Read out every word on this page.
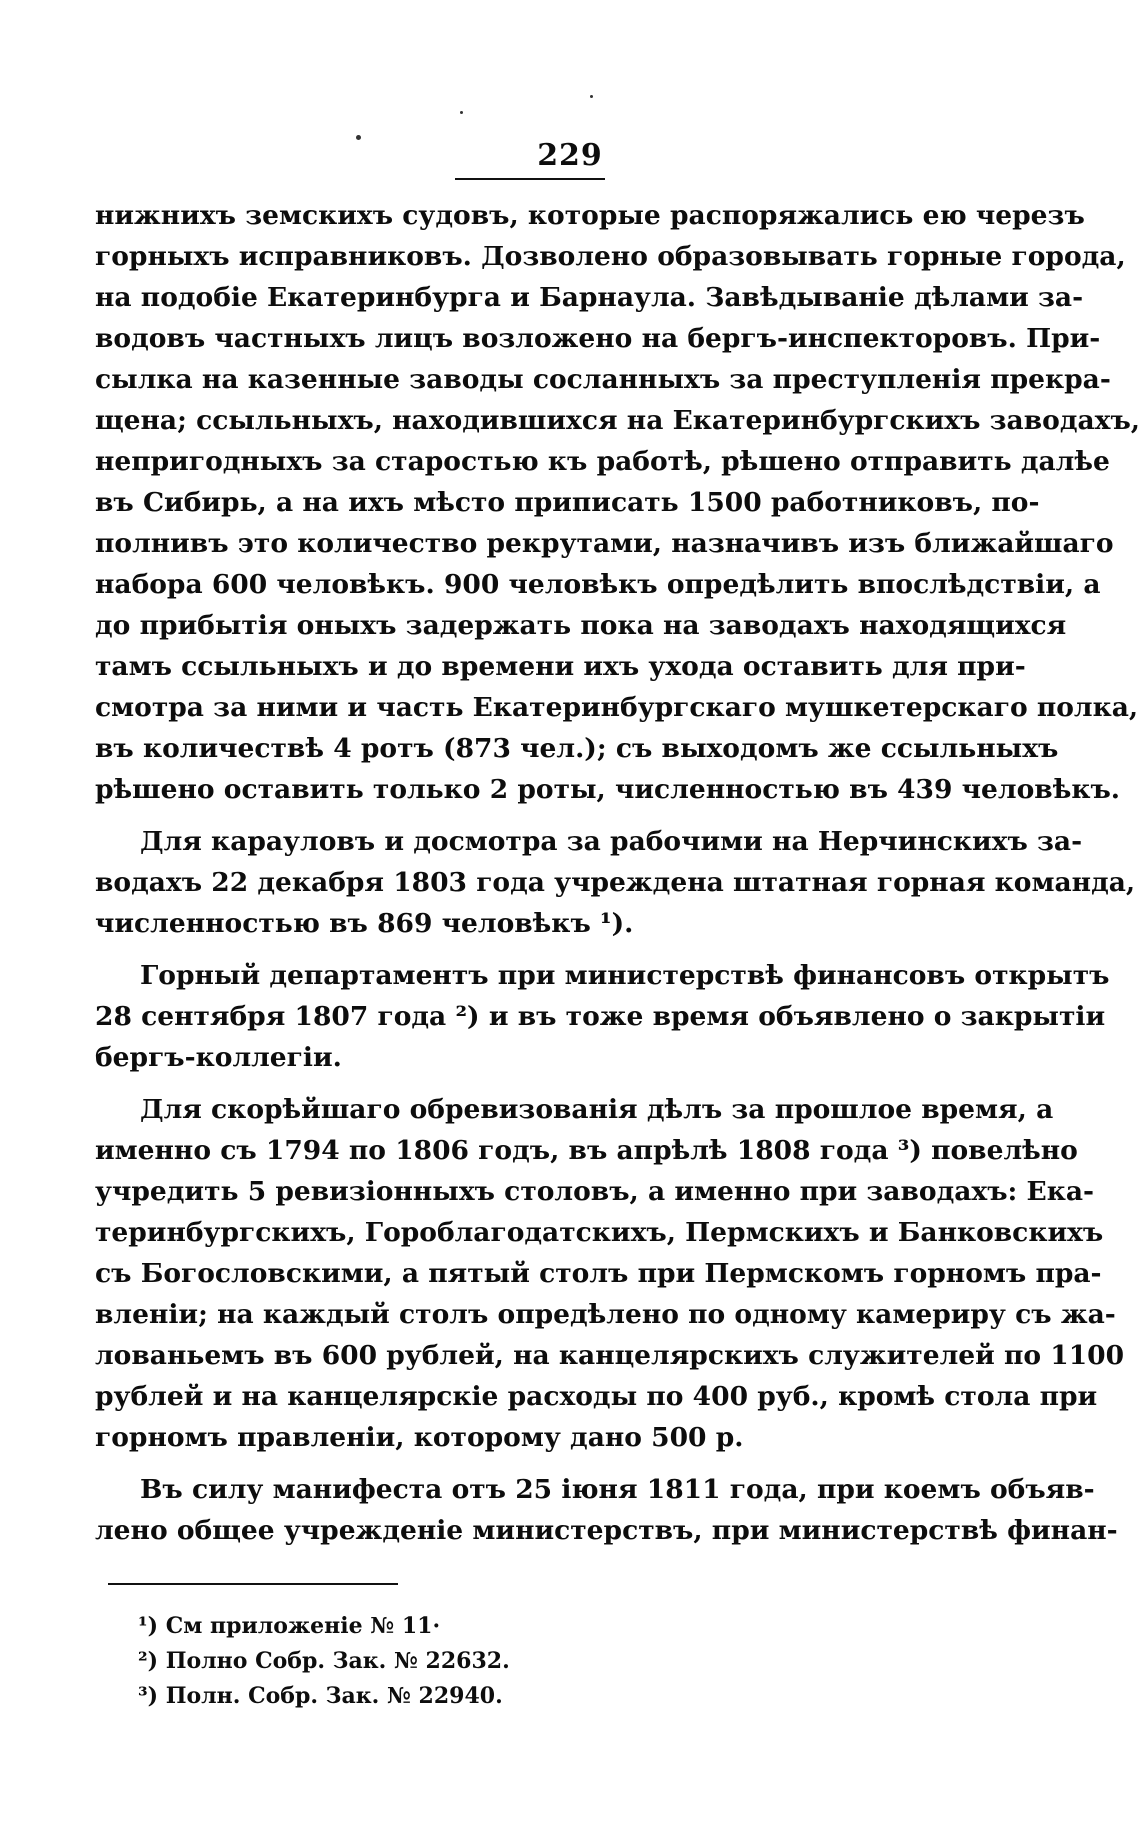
229
нижнихъ земскихъ судовъ, которые распоряжались ею черезъ
горныхъ исправниковъ. Дозволено образовывать горные города,
на подобіе Екатеринбурга и Барнаула. Завѣдываніе дѣлами за-
водовъ частныхъ лицъ возложено на бергъ-инспекторовъ. При-
сылка на казенные заводы сосланныхъ за преступленія прекра-
щена; ссыльныхъ, находившихся на Екатеринбургскихъ заводахъ,
непригодныхъ за старостью къ работѣ, рѣшено отправить далѣе
въ Сибирь, а на ихъ мѣсто приписать 1500 работниковъ, по-
полнивъ это количество рекрутами, назначивъ изъ ближайшаго
набора 600 человѣкъ. 900 человѣкъ опредѣлить впослѣдствіи, а
до прибытія оныхъ задержать пока на заводахъ находящихся
тамъ ссыльныхъ и до времени ихъ ухода оставить для при-
смотра за ними и часть Екатеринбургскаго мушкетерскаго полка,
въ количествѣ 4 ротъ (873 чел.); съ выходомъ же ссыльныхъ
рѣшено оставить только 2 роты, численностью въ 439 человѣкъ.
Для карауловъ и досмотра за рабочими на Нерчинскихъ за-
водахъ 22 декабря 1803 года учреждена штатная горная команда,
численностью въ 869 человѣкъ ¹).
Горный департаментъ при министерствѣ финансовъ открытъ
28 сентября 1807 года ²) и въ тоже время объявлено о закрытіи
бергъ-коллегіи.
Для скорѣйшаго обревизованія дѣлъ за прошлое время, а
именно съ 1794 по 1806 годъ, въ апрѣлѣ 1808 года ³) повелѣно
учредить 5 ревизіонныхъ столовъ, а именно при заводахъ: Ека-
теринбургскихъ, Гороблагодатскихъ, Пермскихъ и Банковскихъ
съ Богословскими, а пятый столъ при Пермскомъ горномъ пра-
вленіи; на каждый столъ опредѣлено по одному камериру съ жа-
лованьемъ въ 600 рублей, на канцелярскихъ служителей по 1100
рублей и на канцелярскіе расходы по 400 руб., кромѣ стола при
горномъ правленіи, которому дано 500 р.
Въ силу манифеста отъ 25 іюня 1811 года, при коемъ объяв-
лено общее учрежденіе министерствъ, при министерствѣ финан-
¹) См приложеніе № 11·
²) Полно Собр. Зак. № 22632.
³) Полн. Собр. Зак. № 22940.
